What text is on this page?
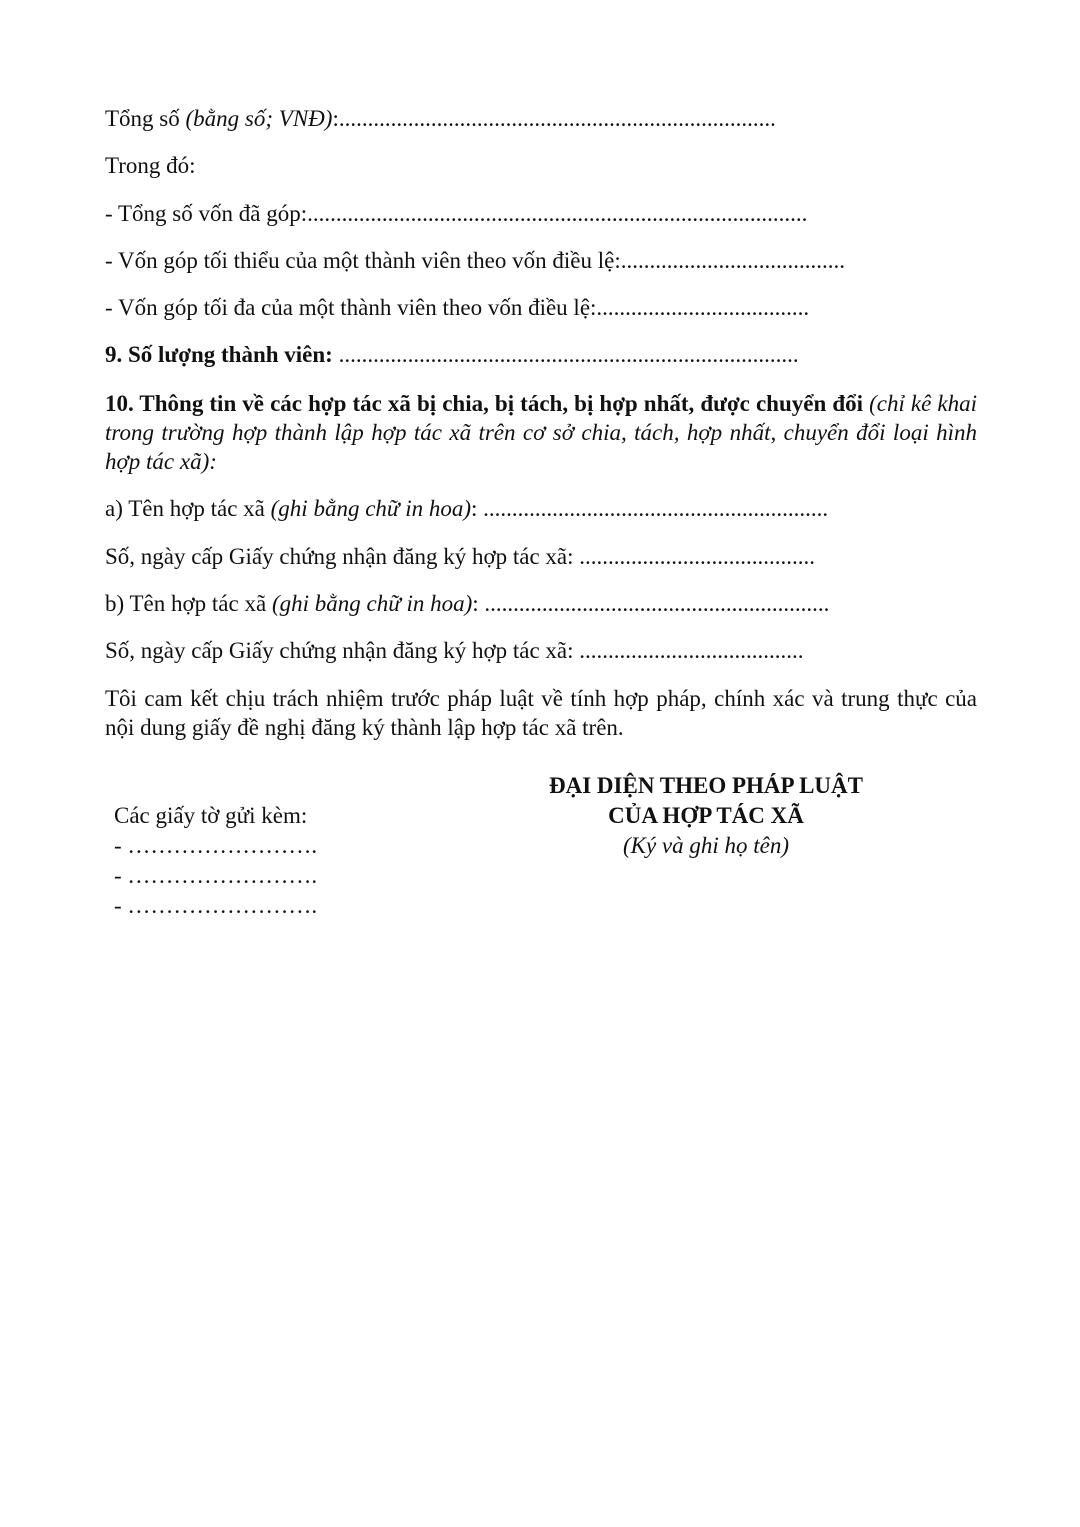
Tổng số (bằng số; VNĐ):............................................................................
Trong đó:
- Tổng số vốn đã góp:.......................................................................................
- Vốn góp tối thiểu của một thành viên theo vốn điều lệ:.......................................
- Vốn góp tối đa của một thành viên theo vốn điều lệ:.....................................
9. Số lượng thành viên: ................................................................................
10. Thông tin về các hợp tác xã bị chia, bị tách, bị hợp nhất, được chuyển đổi (chỉ kê khai trong trường hợp thành lập hợp tác xã trên cơ sở chia, tách, hợp nhất, chuyển đổi loại hình hợp tác xã):
a) Tên hợp tác xã (ghi bằng chữ in hoa): ............................................................
Số, ngày cấp Giấy chứng nhận đăng ký hợp tác xã: .........................................
b) Tên hợp tác xã (ghi bằng chữ in hoa): ............................................................
Số, ngày cấp Giấy chứng nhận đăng ký hợp tác xã: .......................................
Tôi cam kết chịu trách nhiệm trước pháp luật về tính hợp pháp, chính xác và trung thực của nội dung giấy đề nghị đăng ký thành lập hợp tác xã trên.
ĐẠI DIỆN THEO PHÁP LUẬT
CỦA HỢP TÁC XÃ
(Ký và ghi họ tên)
Các giấy tờ gửi kèm:
- …………………….
- …………………….
- …………………….
